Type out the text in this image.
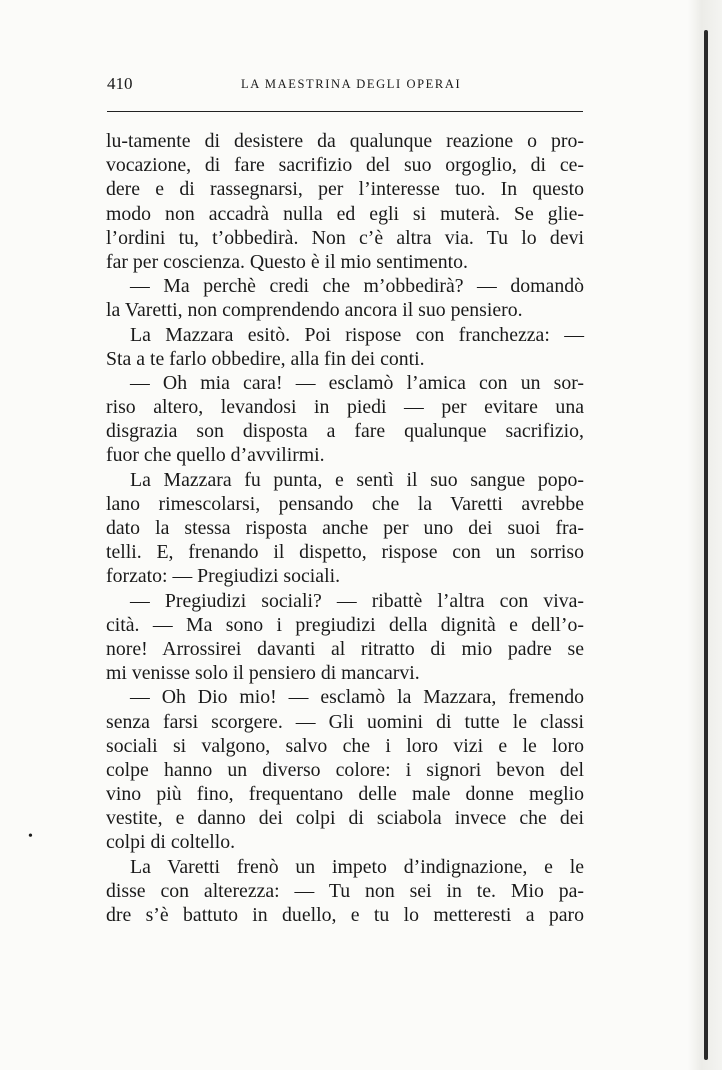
410	LA MAESTRINA DEGLI OPERAI
•
lu-tamente di desistere da qualunque reazione o pro-
vocazione, di fare sacrifizio del suo orgoglio, di ce-
dere e di rassegnarsi, per l’interesse tuo. In questo
modo non accadrà nulla ed egli si muterà. Se glie-
l’ordini tu, t’obbedirà. Non c’è altra via. Tu lo devi
far per coscienza. Questo è il mio sentimento.
— Ma perchè credi che m’obbedirà? — domandò
la Varetti, non comprendendo ancora il suo pensiero.
La Mazzara esitò. Poi rispose con franchezza: —
Sta a te farlo obbedire, alla fin dei conti.
— Oh mia cara! — esclamò l’amica con un sor-
riso altero, levandosi in piedi — per evitare una
disgrazia son disposta a fare qualunque sacrifizio,
fuor che quello d’avvilirmi.
La Mazzara fu punta, e sentì il suo sangue popo-
lano rimescolarsi, pensando che la Varetti avrebbe
dato la stessa risposta anche per uno dei suoi fra-
telli. E, frenando il dispetto, rispose con un sorriso
forzato: — Pregiudizi sociali.
— Pregiudizi sociali? — ribattè l’altra con viva-
cità. — Ma sono i pregiudizi della dignità e dell’o-
nore! Arrossirei davanti al ritratto di mio padre se
mi venisse solo il pensiero di mancarvi.
— Oh Dio mio! — esclamò la Mazzara, fremendo
senza farsi scorgere. — Gli uomini di tutte le classi
sociali si valgono, salvo che i loro vizi e le loro
colpe hanno un diverso colore: i signori bevon del
vino più fino, frequentano delle male donne meglio
vestite, e danno dei colpi di sciabola invece che dei
colpi di coltello.
La Varetti frenò un impeto d’indignazione, e le
disse con alterezza: — Tu non sei in te. Mio pa-
dre s’è battuto in duello, e tu lo metteresti a paro
